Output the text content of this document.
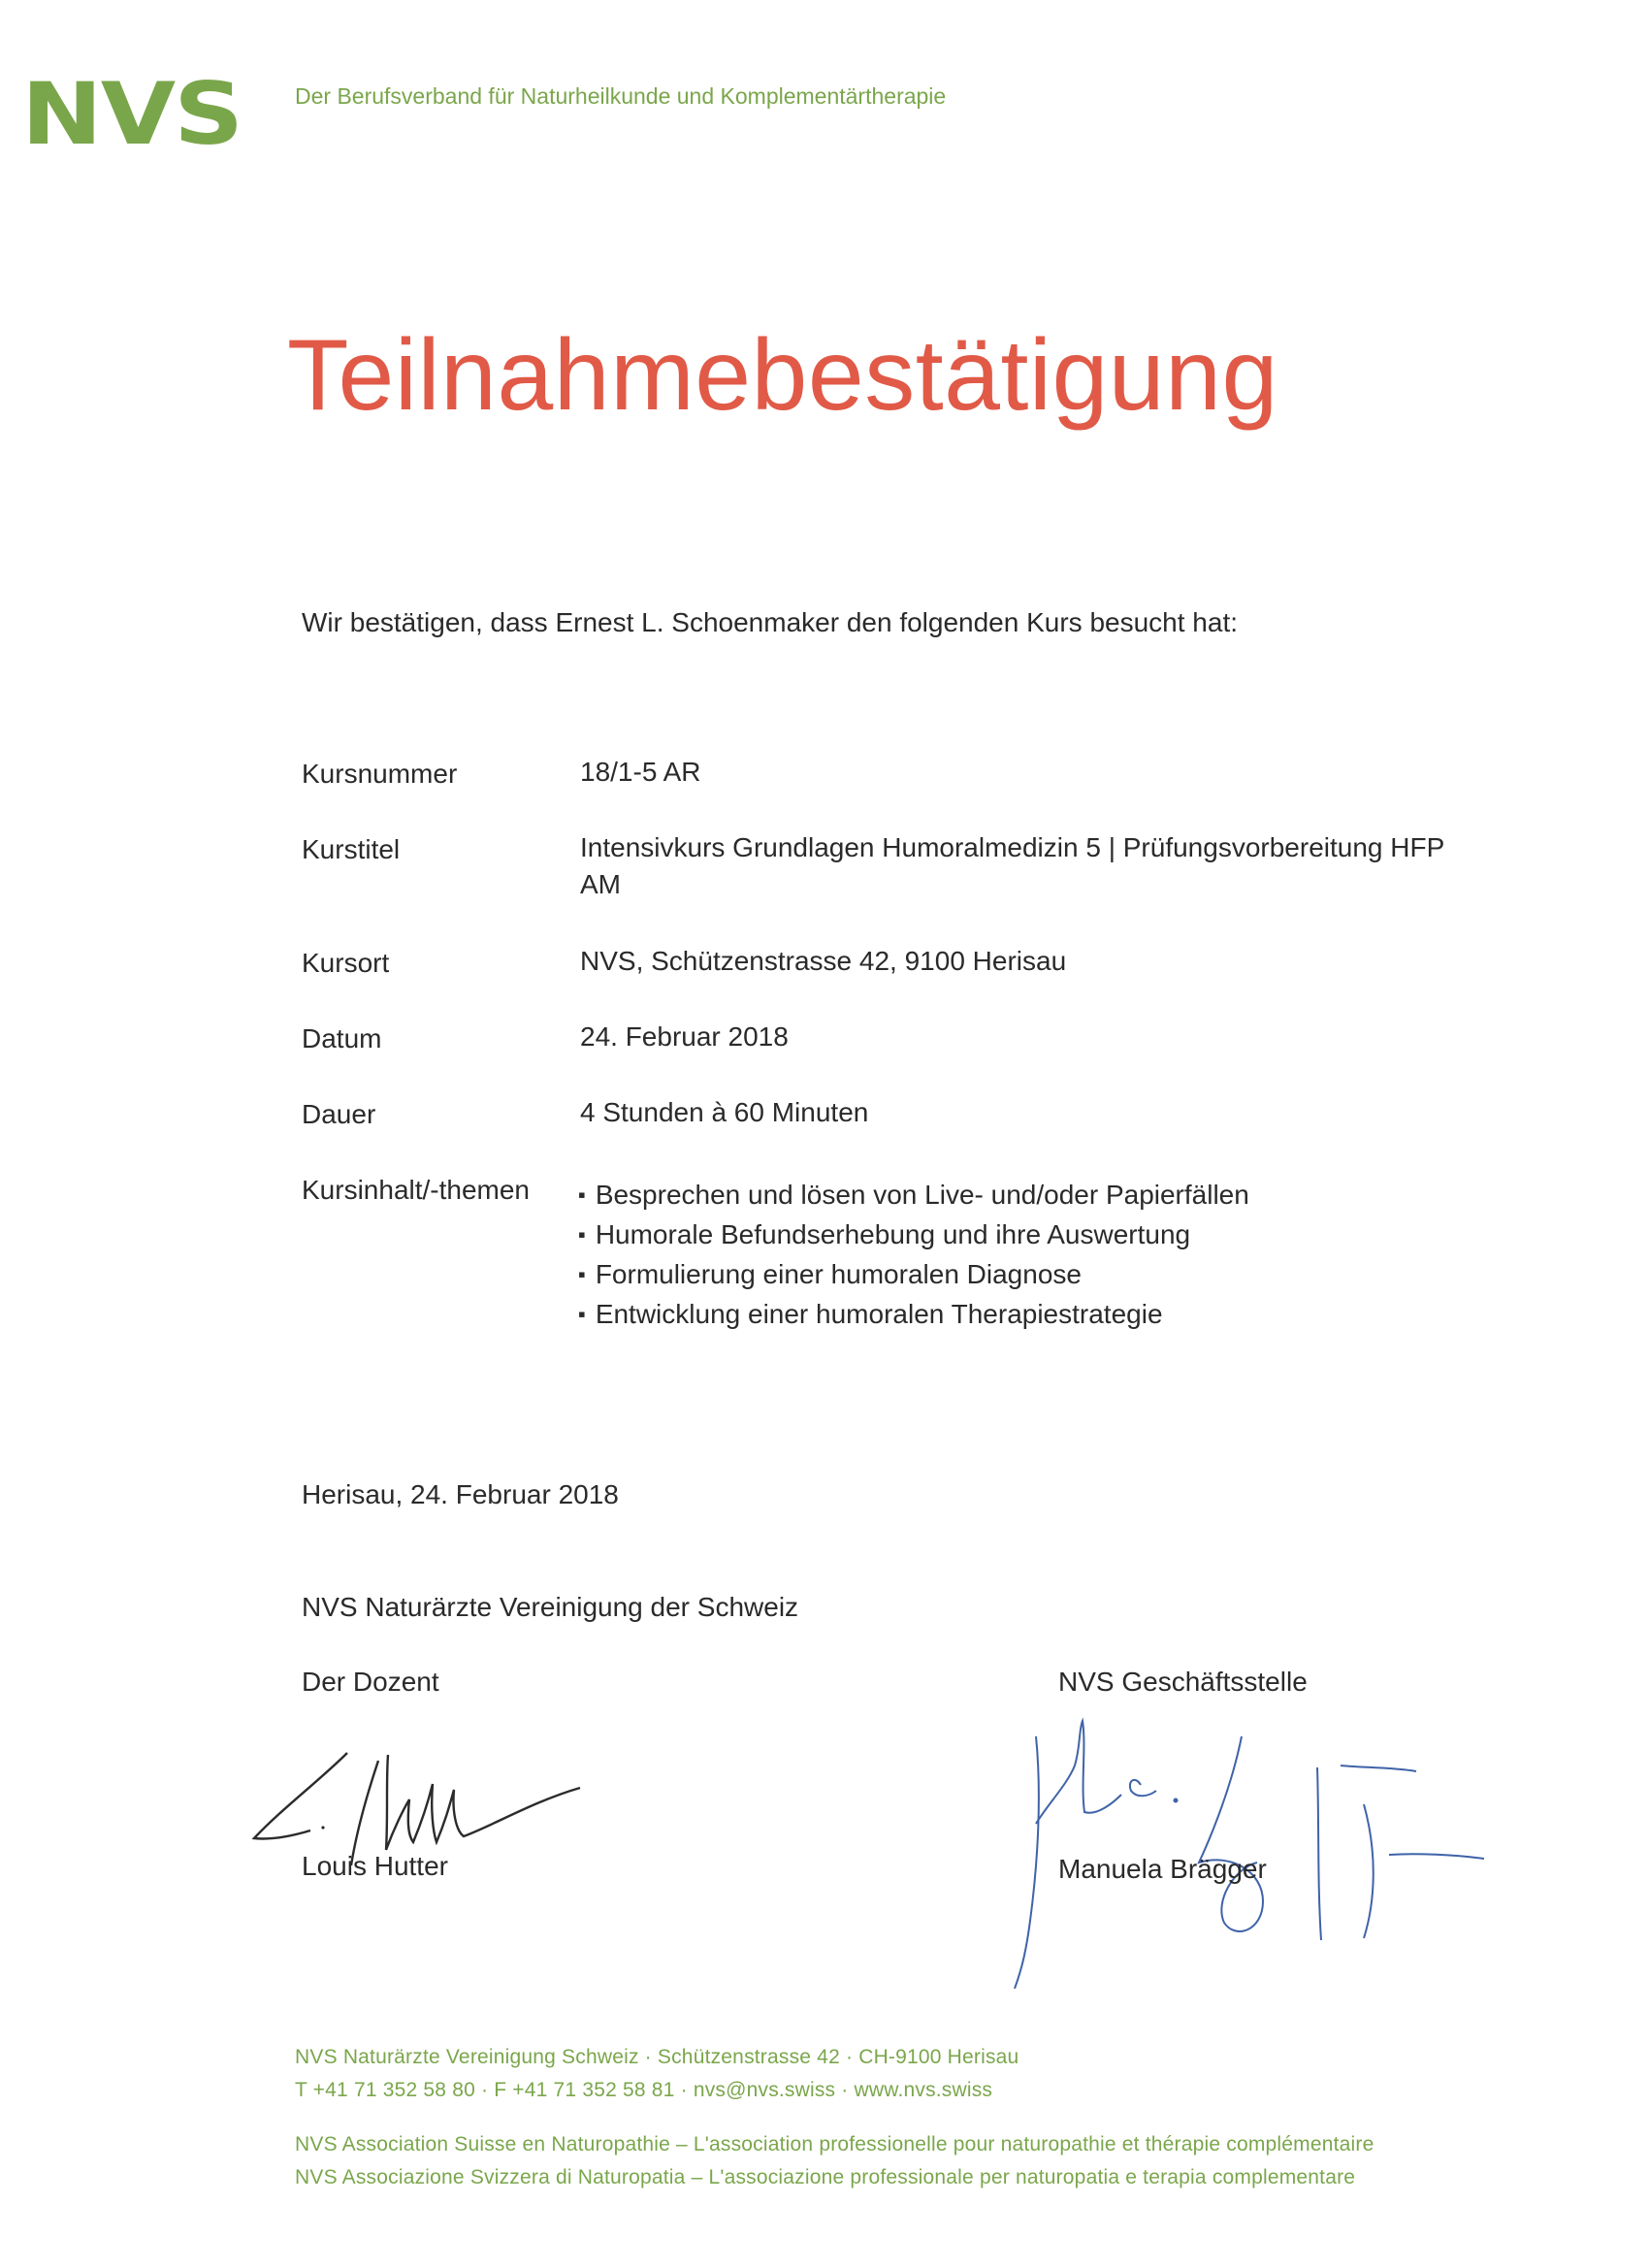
NVS Der Berufsverband für Naturheilkunde und Komplementärtherapie
Teilnahmebestätigung
Wir bestätigen, dass Ernest L. Schoenmaker den folgenden Kurs besucht hat:
Kursnummer	18/1-5 AR
Kurstitel	Intensivkurs Grundlagen Humoralmedizin 5 | Prüfungsvorbereitung HFP AM
Kursort	NVS, Schützenstrasse 42, 9100 Herisau
Datum	24. Februar 2018
Dauer	4 Stunden à 60 Minuten
Kursinhalt/-themen
▪	Besprechen und lösen von Live- und/oder Papierfällen
▪ Humorale Befundserhebung und ihre Auswertung
▪ Formulierung einer humoralen Diagnose
▪ Entwicklung einer humoralen Therapiestrategie
Herisau, 24. Februar 2018
NVS Naturärzte Vereinigung der Schweiz
Der Dozent	NVS Geschäftsstelle
Louis Hutter	Manuela Brägger
NVS Naturärzte Vereinigung Schweiz · Schützenstrasse 42 · CH-9100 Herisau
T +41 71 352 58 80 · F +41 71 352 58 81 · nvs@nvs.swiss · www.nvs.swiss
NVS Association Suisse en Naturopathie – L'association professionelle pour naturopathie et thérapie complémentaire
NVS Associazione Svizzera di Naturopatia – L'associazione professionale per naturopatia e terapia complementare
